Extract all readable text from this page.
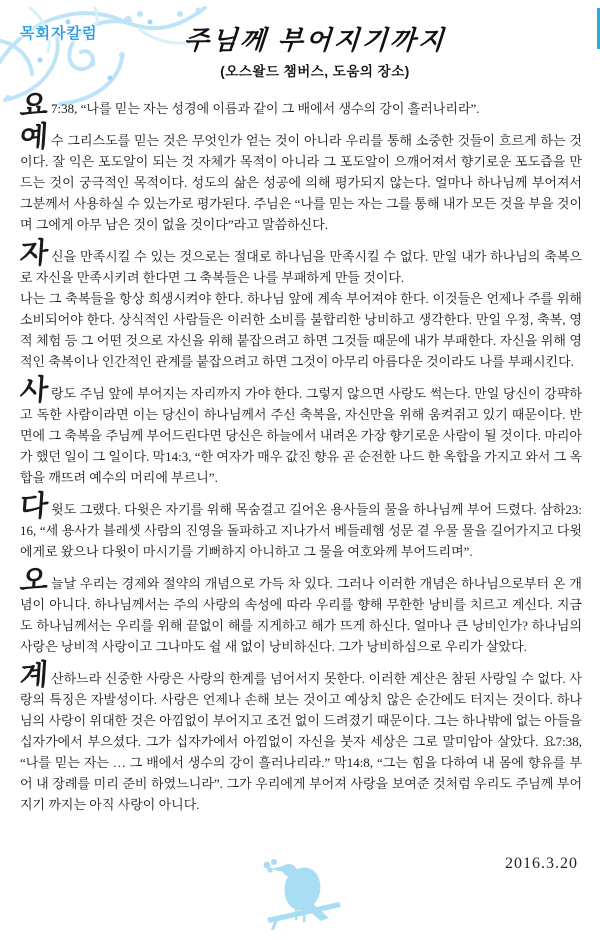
목회자칼럼	주님께 부어지기까지
(오스왈드 챔버스, 도움의 장소)

요 7:38, “나를 믿는 자는 성경에 이름과 같이 그 배에서 생수의 강이 흘러나리라”.

예수 그리스도를 믿는 것은 무엇인가 얻는 것이 아니라 우리를 통해 소중한 것들이 흐르게 하는 것이다. 잘 익은 포도알이 되는 것 자체가 목적이 아니라 그 포도알이 으깨어져서 향기로운 포도즙을 만드는 것이 궁극적인 목적이다. 성도의 삶은 성공에 의해 평가되지 않는다. 얼마나 하나님께 부어져서 그분께서 사용하실 수 있는가로 평가된다. 주님은 “나를 믿는 자는 그를 통해 내가 모든 것을 부을 것이며 그에게 아무 남은 것이 없을 것이다”라고 말씀하신다.

자신을 만족시킬 수 있는 것으로는 절대로 하나님을 만족시킬 수 없다. 만일 내가 하나님의 축복으로 자신을 만족시키려 한다면 그 축복들은 나를 부패하게 만들 것이다.
나는 그 축복들을 항상 희생시켜야 한다. 하나님 앞에 계속 부어져야 한다. 이것들은 언제나 주를 위해 소비되어야 한다. 상식적인 사람들은 이러한 소비를 불합리한 낭비하고 생각한다. 만일 우정, 축복, 영적 체험 등 그 어떤 것으로 자신을 위해 붙잡으려고 하면 그것들 때문에 내가 부패한다. 자신을 위해 영적인 축복이나 인간적인 관계를 붙잡으려고 하면 그것이 아무리 아름다운 것이라도 나를 부패시킨다.

사랑도 주님 앞에 부어지는 자리까지 가야 한다. 그렇지 않으면 사랑도 썩는다. 만일 당신이 강퍅하고 독한 사람이라면 이는 당신이 하나님께서 주신 축복을, 자신만을 위해 움켜쥐고 있기 때문이다. 반면에 그 축복을 주님께 부어드린다면 당신은 하늘에서 내려온 가장 향기로운 사람이 될 것이다. 마리아가 했던 일이 그 일이다. 막14:3, “한 여자가 매우 값진 향유 곧 순전한 나드 한 옥합을 가지고 와서 그 옥합을 깨뜨려 예수의 머리에 부르니”.

다윗도 그랬다. 다윗은 자기를 위해 목숨걸고 길어온 용사들의 물을 하나님께 부어 드렸다. 삼하23:16, “세 용사가 블레셋 사람의 진영을 돌파하고 지나가서 베들레헴 성문 곁 우물 물을 길어가지고 다윗에게로 왔으나 다윗이 마시기를 기뻐하지 아니하고 그 물을 여호와께 부어드리며”.

오늘날 우리는 경제와 절약의 개념으로 가득 차 있다. 그러나 이러한 개념은 하나님으로부터 온 개념이 아니다. 하나님께서는 주의 사랑의 속성에 따라 우리를 향해 무한한 낭비를 치르고 계신다. 지금도 하나님께서는 우리를 위해 끝없이 해를 지게하고 해가 뜨게 하신다. 얼마나 큰 낭비인가? 하나님의 사랑은 낭비적 사랑이고 그나마도 쉴 새 없이 낭비하신다. 그가 낭비하심으로 우리가 살았다.

계산하느라 신중한 사랑은 사랑의 한계를 넘어서지 못한다. 이러한 계산은 참된 사랑일 수 없다. 사랑의 특징은 자발성이다. 사랑은 언제나 손해 보는 것이고 예상치 않은 순간에도 터지는 것이다. 하나님의 사랑이 위대한 것은 아낌없이 부어지고 조건 없이 드려졌기 때문이다. 그는 하나밖에 없는 아들을 십자가에서 부으셨다. 그가 십자가에서 아낌없이 자신을 붓자 세상은 그로 말미암아 살았다. 요7:38, “나를 믿는 자는 … 그 배에서 생수의 강이 흘러나리라.” 막14:8, “그는 힘을 다하여 내 몸에 향유를 부어 내 장례를 미리 준비 하였느니라”. 그가 우리에게 부어져 사랑을 보여준 것처럼 우리도 주님께 부어지기 까지는 아직 사랑이 아니다.

2016.3.20
